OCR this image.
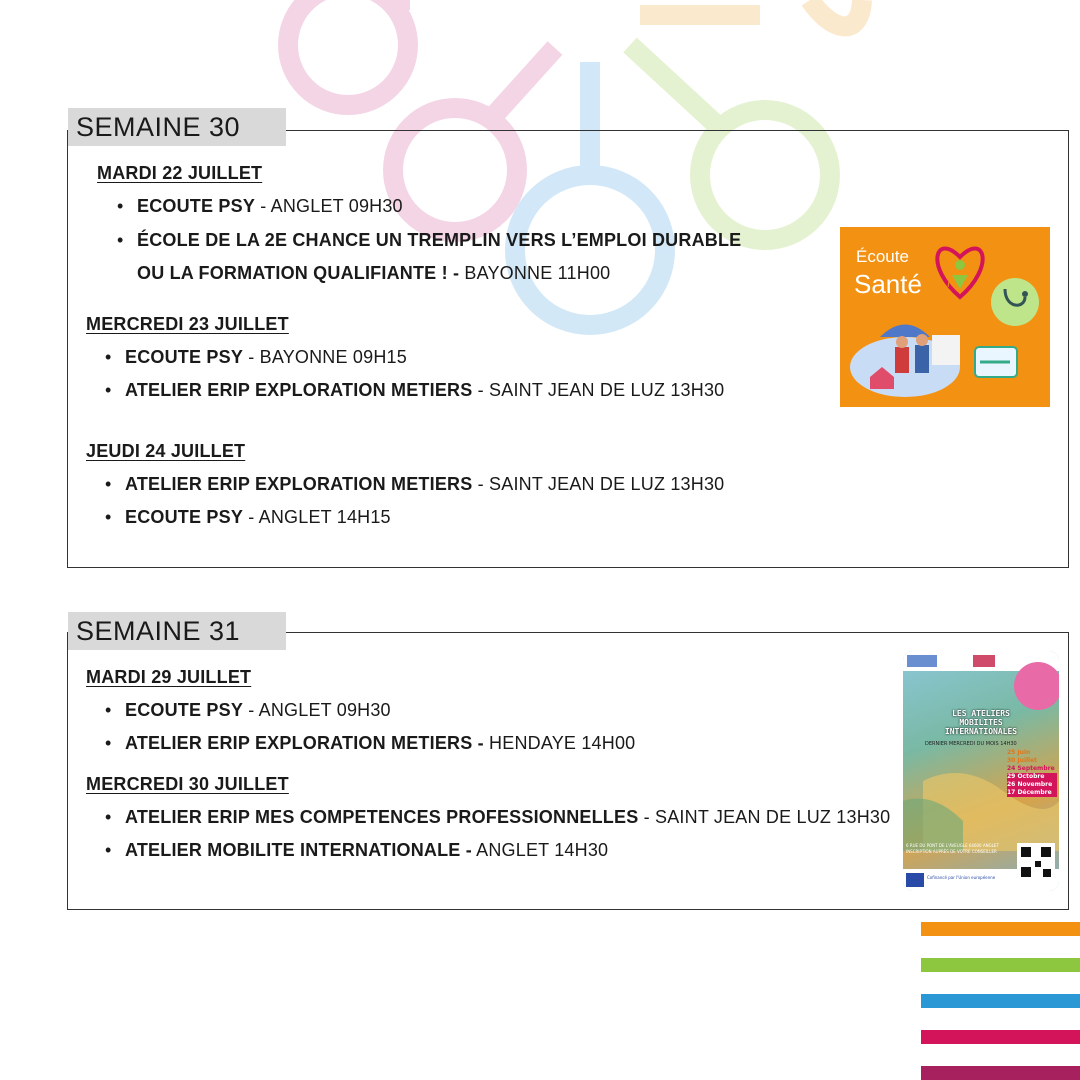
SEMAINE 30
MARDI 22 JUILLET
• ECOUTE PSY - ANGLET 09H30
• ÉCOLE DE LA 2E CHANCE UN TREMPLIN VERS L’EMPLOI DURABLE
OU LA FORMATION QUALIFIANTE ! - BAYONNE 11H00
MERCREDI 23 JUILLET
• ECOUTE PSY - BAYONNE 09H15
• ATELIER ERIP EXPLORATION METIERS - SAINT JEAN DE LUZ 13H30
JEUDI 24 JUILLET
• ATELIER ERIP EXPLORATION METIERS - SAINT JEAN DE LUZ 13H30
• ECOUTE PSY - ANGLET 14H15
Écoute
Santé
SEMAINE 31
MARDI 29 JUILLET
• ECOUTE PSY - ANGLET 09H30
• ATELIER ERIP EXPLORATION METIERS - HENDAYE 14H00
MERCREDI 30 JUILLET
• ATELIER ERIP MES COMPETENCES PROFESSIONNELLES - SAINT JEAN DE LUZ 13H30
• ATELIER MOBILITE INTERNATIONALE - ANGLET 14H30
LES ATELIERS
MOBILITES
INTERNATIONALES
DERNIER MERCREDI DU MOIS 14H30
25 Juin
30 Juillet
24 Septembre
29 Octobre
26 Novembre
17 Décembre
6 RUE DU PONT DE L'AVEUGLE 64600 ANGLET
INSCRIPTION AUPRÈS DE VOTRE CONSEILLER
Cofinancé par l'Union européenne
